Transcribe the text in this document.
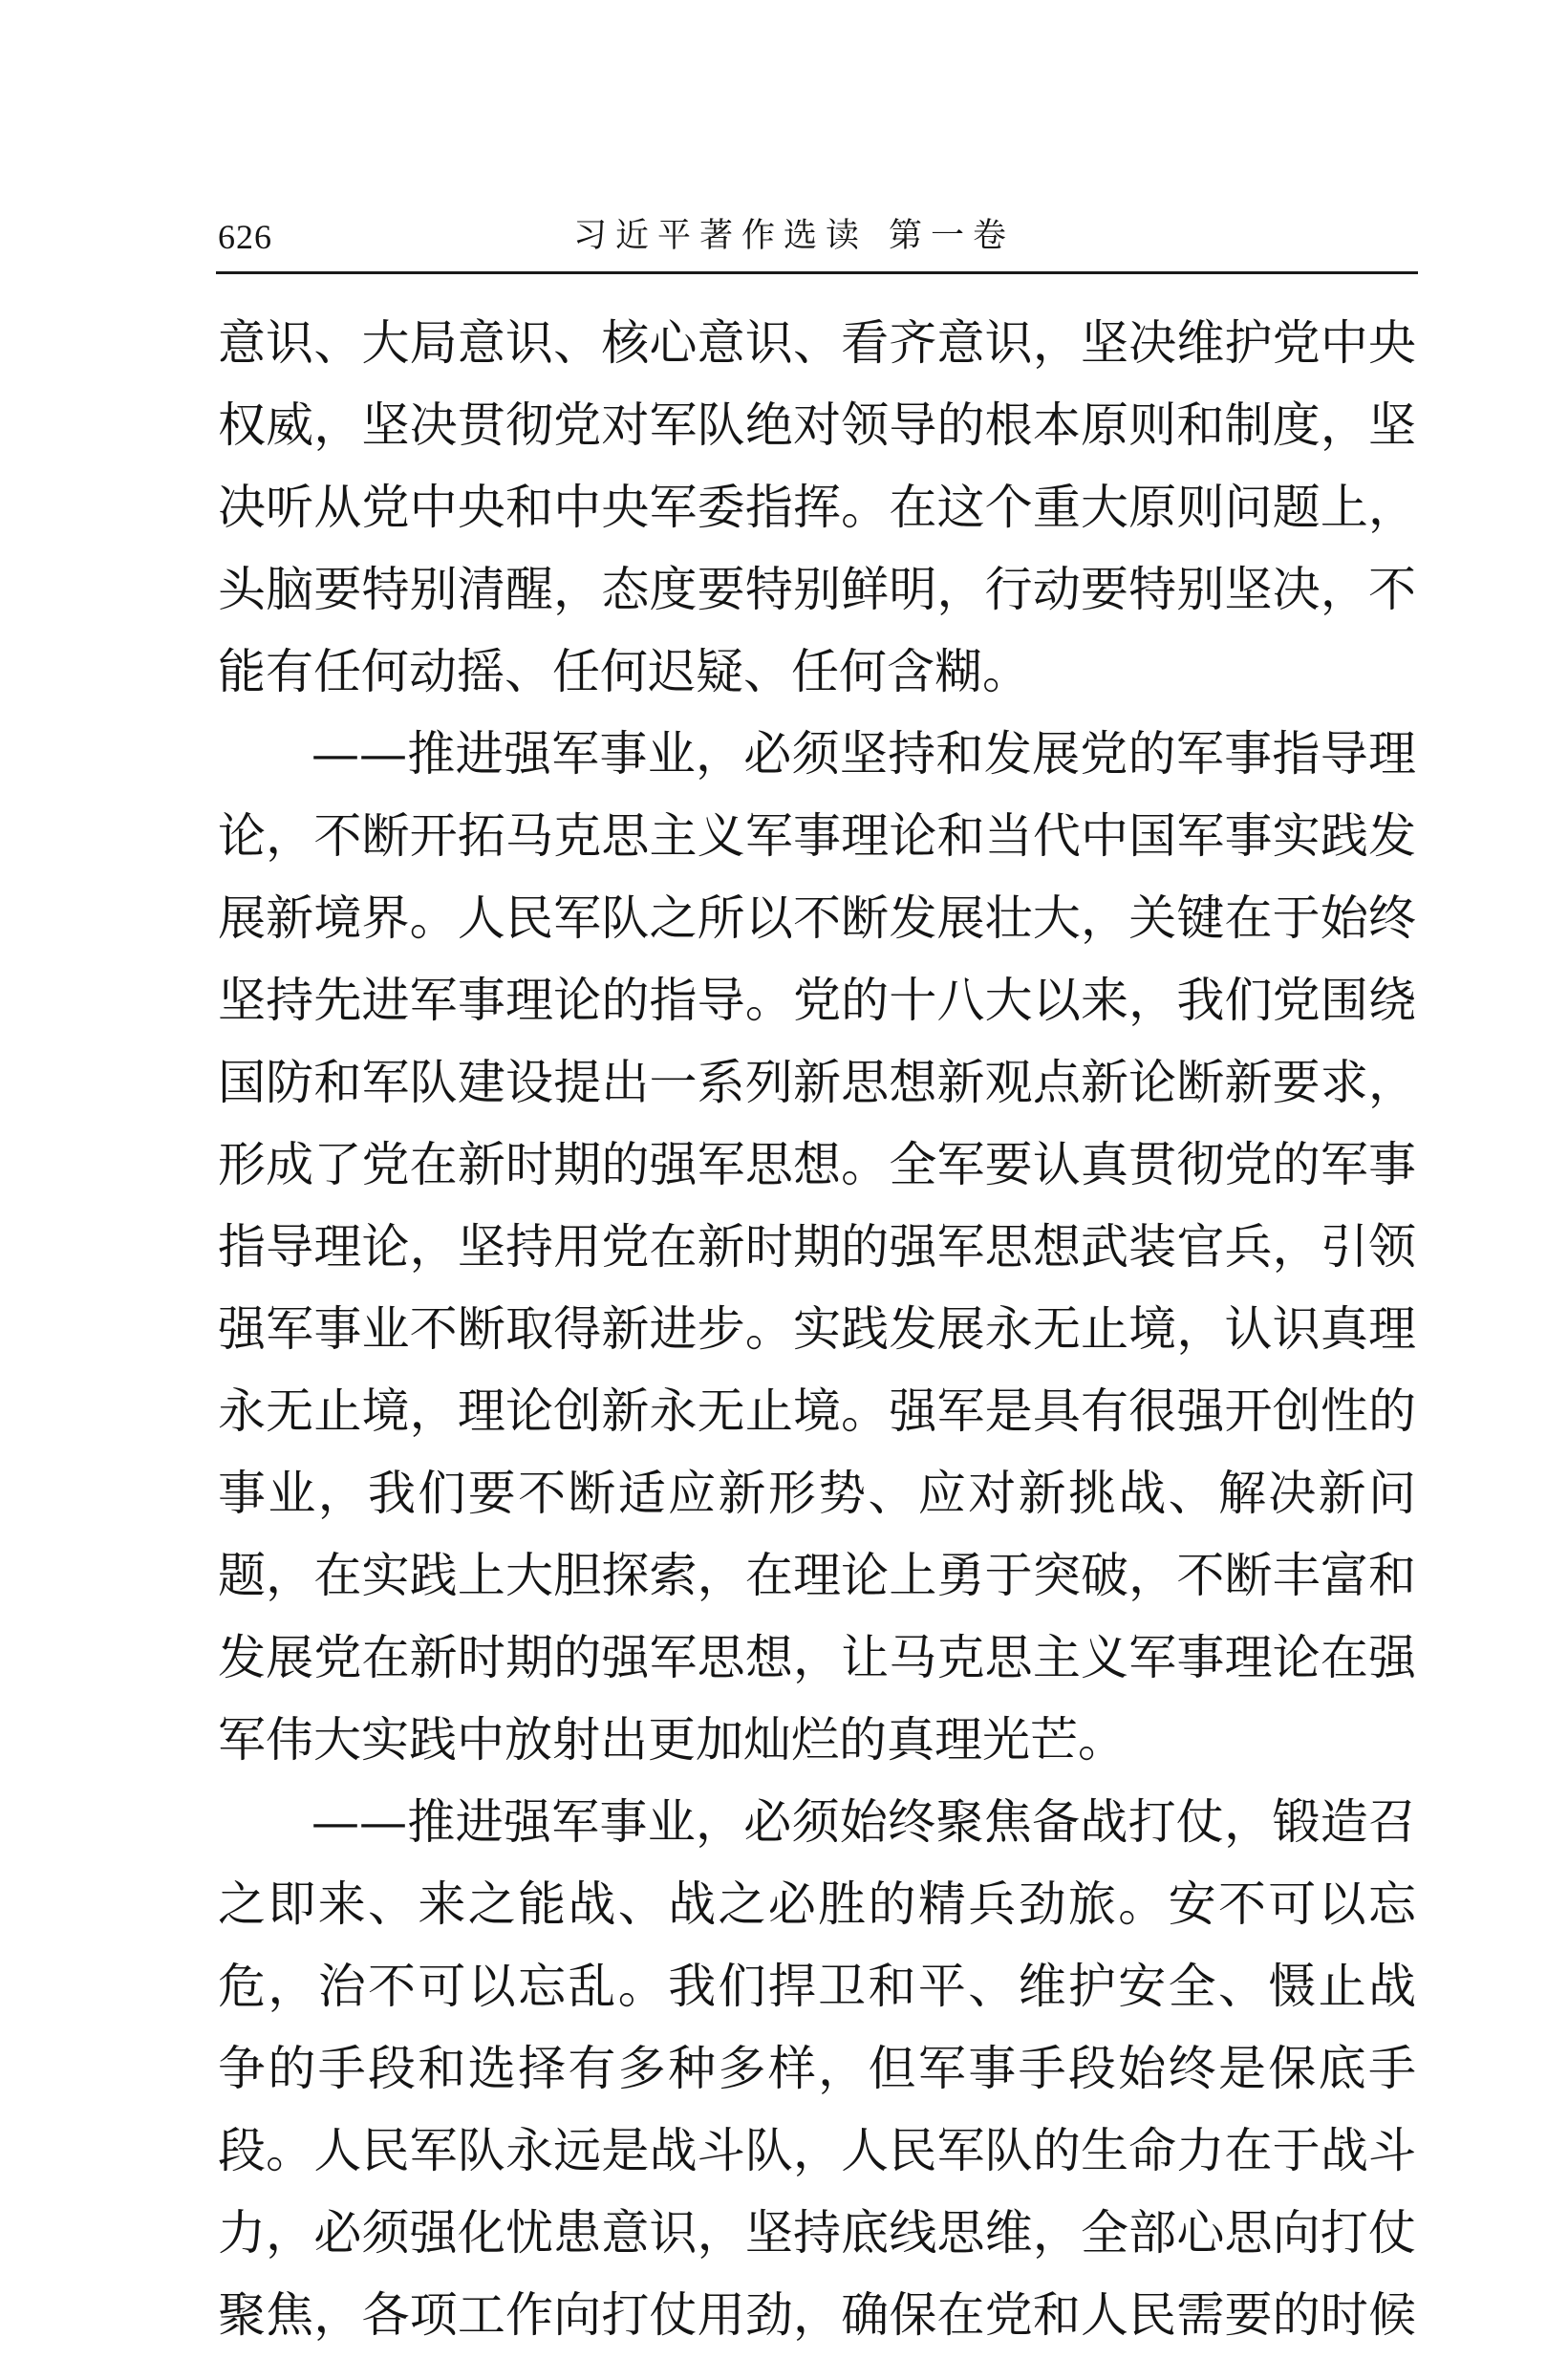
626	习近平著作选读 第一卷
意识、大局意识、核心意识、看齐意识，坚决维护党中央
权威，坚决贯彻党对军队绝对领导的根本原则和制度，坚
决听从党中央和中央军委指挥。在这个重大原则问题上，
头脑要特别清醒，态度要特别鲜明，行动要特别坚决，不
能有任何动摇、任何迟疑、任何含糊。
——推进强军事业，必须坚持和发展党的军事指导理
论，不断开拓马克思主义军事理论和当代中国军事实践发
展新境界。人民军队之所以不断发展壮大，关键在于始终
坚持先进军事理论的指导。党的十八大以来，我们党围绕
国防和军队建设提出一系列新思想新观点新论断新要求，
形成了党在新时期的强军思想。全军要认真贯彻党的军事
指导理论，坚持用党在新时期的强军思想武装官兵，引领
强军事业不断取得新进步。实践发展永无止境，认识真理
永无止境，理论创新永无止境。强军是具有很强开创性的
事业，我们要不断适应新形势、应对新挑战、解决新问
题，在实践上大胆探索，在理论上勇于突破，不断丰富和
发展党在新时期的强军思想，让马克思主义军事理论在强
军伟大实践中放射出更加灿烂的真理光芒。
——推进强军事业，必须始终聚焦备战打仗，锻造召
之即来、来之能战、战之必胜的精兵劲旅。安不可以忘
危，治不可以忘乱。我们捍卫和平、维护安全、慑止战
争的手段和选择有多种多样，但军事手段始终是保底手
段。人民军队永远是战斗队，人民军队的生命力在于战斗
力，必须强化忧患意识，坚持底线思维，全部心思向打仗
聚焦，各项工作向打仗用劲，确保在党和人民需要的时候
